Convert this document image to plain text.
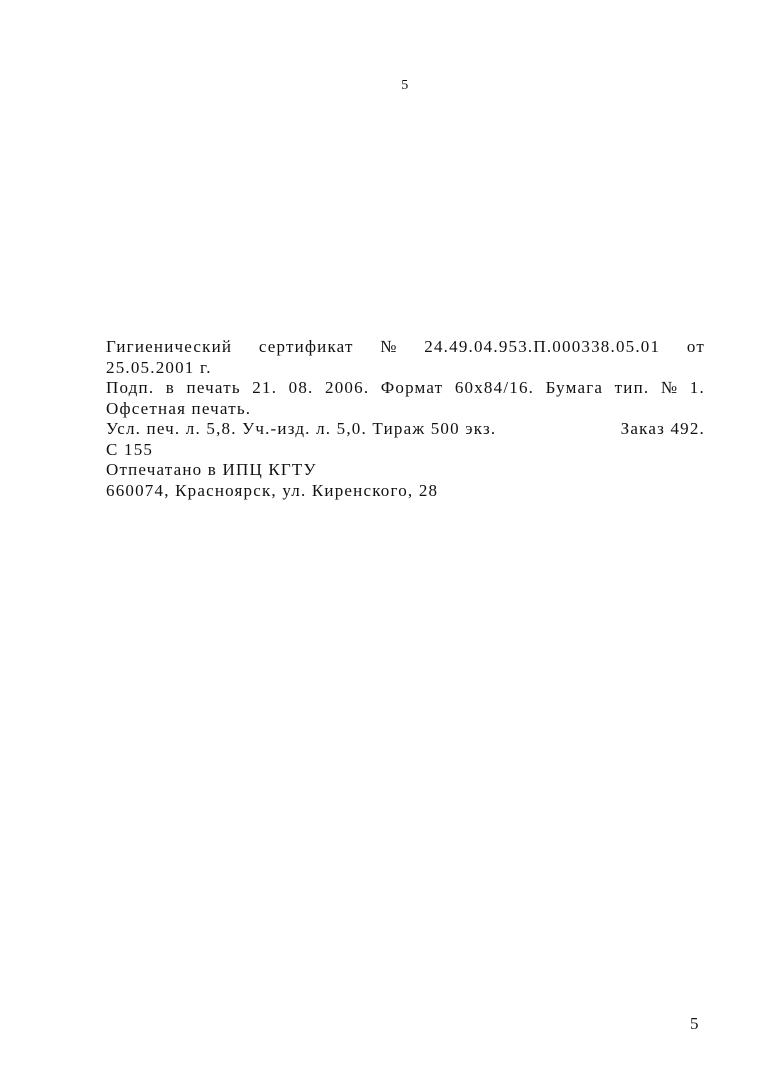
5
Гигиенический сертификат № 24.49.04.953.П.000338.05.01 от
25.05.2001 г.
Подп. в печать 21. 08. 2006. Формат 60x84/16. Бумага тип. № 1.
Офсетная печать.
Усл. печ. л. 5,8. Уч.-изд. л. 5,0. Тираж 500 экз.	Заказ 492.
С 155
Отпечатано в ИПЦ КГТУ
660074, Красноярск, ул. Киренского, 28
5
